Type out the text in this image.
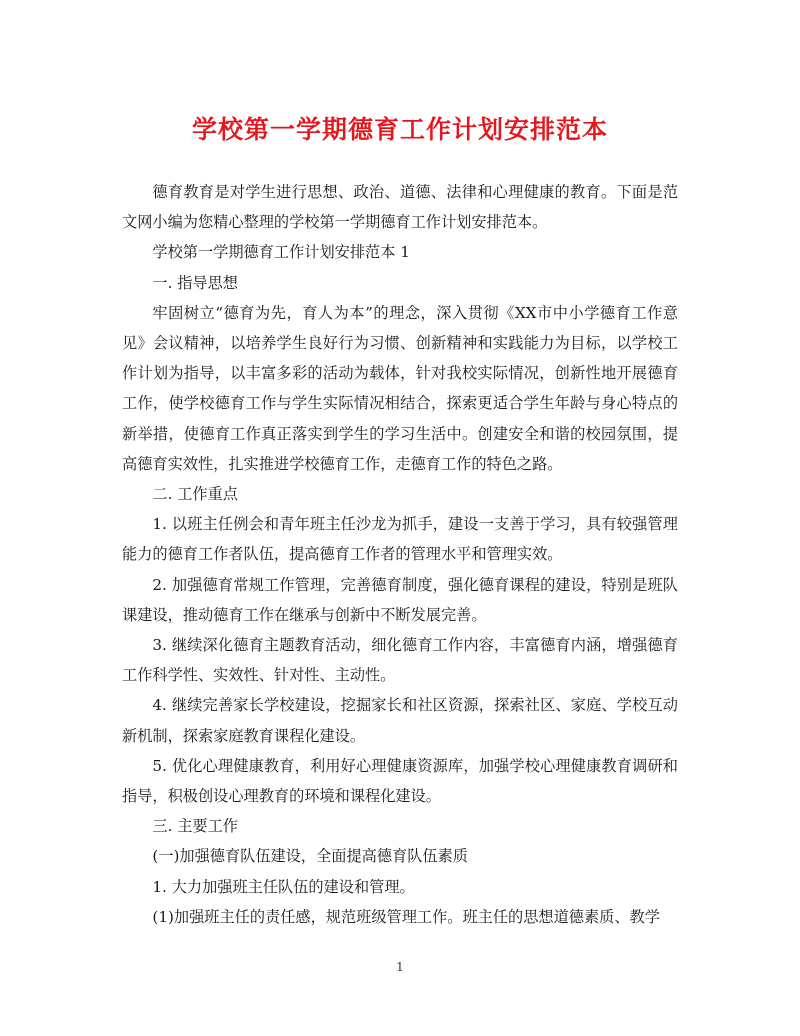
学校第一学期德育工作计划安排范本

德育教育是对学生进行思想、政治、道德、法律和心理健康的教育。下面是范文网小编为您精心整理的学校第一学期德育工作计划安排范本。

学校第一学期德育工作计划安排范本 1

一. 指导思想

牢固树立“德育为先，育人为本”的理念，深入贯彻《XX市中小学德育工作意见》会议精神，以培养学生良好行为习惯、创新精神和实践能力为目标，以学校工作计划为指导，以丰富多彩的活动为载体，针对我校实际情况，创新性地开展德育工作，使学校德育工作与学生实际情况相结合，探索更适合学生年龄与身心特点的新举措，使德育工作真正落实到学生的学习生活中。创建安全和谐的校园氛围，提高德育实效性，扎实推进学校德育工作，走德育工作的特色之路。

二. 工作重点

1. 以班主任例会和青年班主任沙龙为抓手，建设一支善于学习，具有较强管理能力的德育工作者队伍，提高德育工作者的管理水平和管理实效。

2. 加强德育常规工作管理，完善德育制度，强化德育课程的建设，特别是班队课建设，推动德育工作在继承与创新中不断发展完善。

3. 继续深化德育主题教育活动，细化德育工作内容，丰富德育内涵，增强德育工作科学性、实效性、针对性、主动性。

4. 继续完善家长学校建设，挖掘家长和社区资源，探索社区、家庭、学校互动新机制，探索家庭教育课程化建设。

5. 优化心理健康教育，利用好心理健康资源库，加强学校心理健康教育调研和指导，积极创设心理教育的环境和课程化建设。

三. 主要工作

(一)加强德育队伍建设，全面提高德育队伍素质

1. 大力加强班主任队伍的建设和管理。

(1)加强班主任的责任感，规范班级管理工作。班主任的思想道德素质、教学

1
